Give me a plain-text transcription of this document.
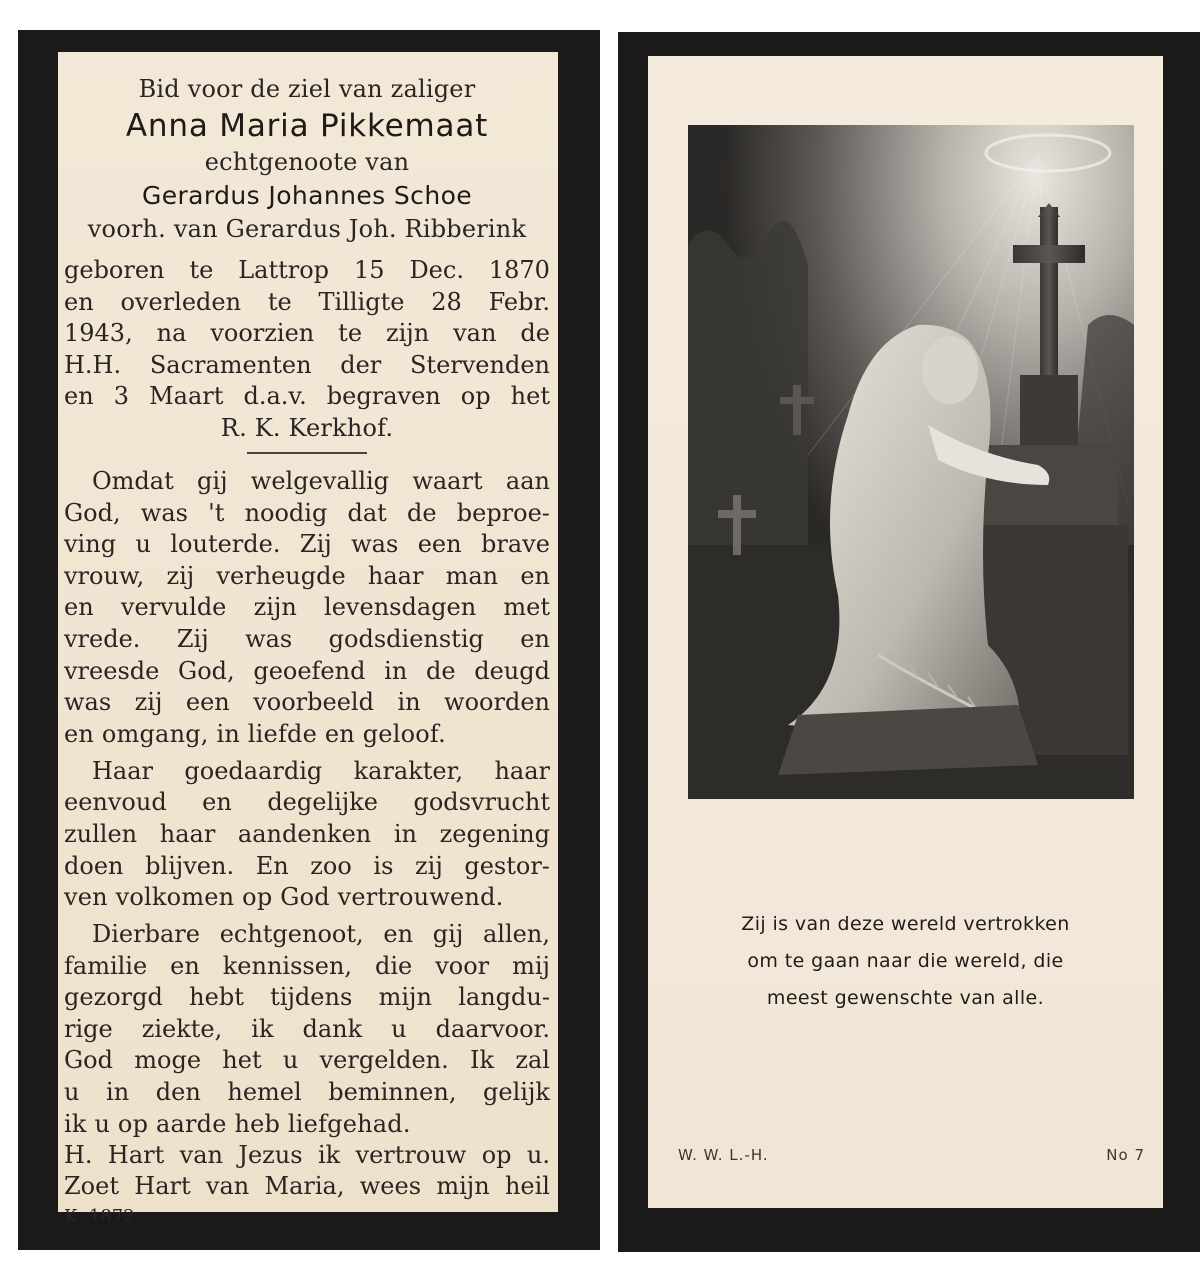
Bid voor de ziel van zaliger
Anna Maria Pikkemaat
echtgenoote van
Gerardus Johannes Schoe
voorh. van Gerardus Joh. Ribberink
geboren te Lattrop 15 Dec. 1870
en overleden te Tilligte 28 Febr.
1943, na voorzien te zijn van de
H.H. Sacramenten der Stervenden
en 3 Maart d.a.v. begraven op het
R. K. Kerkhof.
Omdat gij welgevallig waart aan
God, was 't noodig dat de beproe-
ving u louterde. Zij was een brave
vrouw, zij verheugde haar man en
en vervulde zijn levensdagen met
vrede. Zij was godsdienstig en
vreesde God, geoefend in de deugd
was zij een voorbeeld in woorden
en omgang, in liefde en geloof.
Haar goedaardig karakter, haar
eenvoud en degelijke godsvrucht
zullen haar aandenken in zegening
doen blijven. En zoo is zij gestor-
ven volkomen op God vertrouwend.
Dierbare echtgenoot, en gij allen,
familie en kennissen, die voor mij
gezorgd hebt tijdens mijn langdu-
rige ziekte, ik dank u daarvoor.
God moge het u vergelden. Ik zal
u in den hemel beminnen, gelijk
ik u op aarde heb liefgehad.
H. Hart van Jezus ik vertrouw op u.
Zoet Hart van Maria, wees mijn heil
K. 1872
Zij is van deze wereld vertrokken
om te gaan naar die wereld, die
meest gewenschte van alle.
W. W. L.-H.	No 7
